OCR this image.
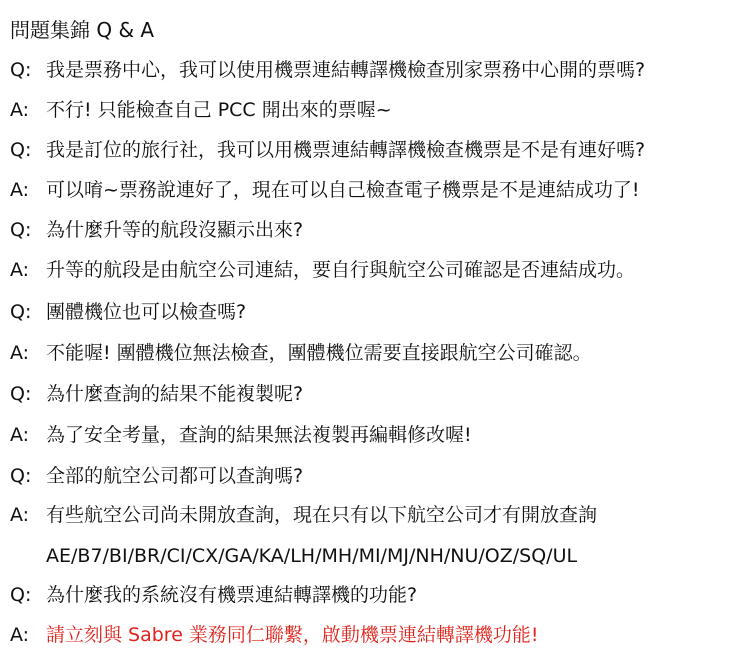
問題集錦 Q & A
Q: 我是票務中心，我可以使用機票連結轉譯機檢查別家票務中心開的票嗎?
A: 不行! 只能檢查自己 PCC 開出來的票喔~
Q: 我是訂位的旅行社，我可以用機票連結轉譯機檢查機票是不是有連好嗎?
A: 可以唷~票務說連好了，現在可以自己檢查電子機票是不是連結成功了!
Q: 為什麼升等的航段沒顯示出來?
A: 升等的航段是由航空公司連結，要自行與航空公司確認是否連結成功。
Q: 團體機位也可以檢查嗎?
A: 不能喔! 團體機位無法檢查，團體機位需要直接跟航空公司確認。
Q: 為什麼查詢的結果不能複製呢?
A: 為了安全考量，查詢的結果無法複製再編輯修改喔!
Q: 全部的航空公司都可以查詢嗎?
A: 有些航空公司尚未開放查詢，現在只有以下航空公司才有開放查詢
AE/B7/BI/BR/CI/CX/GA/KA/LH/MH/MI/MJ/NH/NU/OZ/SQ/UL
Q: 為什麼我的系統沒有機票連結轉譯機的功能?
A: 請立刻與 Sabre 業務同仁聯繫，啟動機票連結轉譯機功能!
